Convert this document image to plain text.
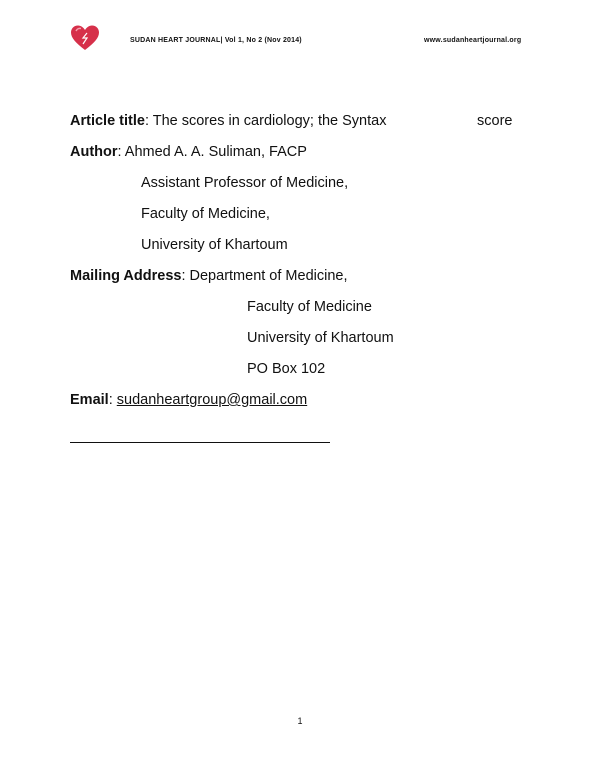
SUDAN HEART JOURNAL| Vol 1, No 2 (Nov 2014)	www.sudanheartjournal.org
Article title: The scores in cardiology; the Syntax	score
Author: Ahmed A. A. Suliman, FACP
Assistant Professor of Medicine,
Faculty of Medicine,
University of Khartoum
Mailing Address: Department of Medicine,
Faculty of Medicine
University of Khartoum
PO Box 102
Email: sudanheartgroup@gmail.com
1
